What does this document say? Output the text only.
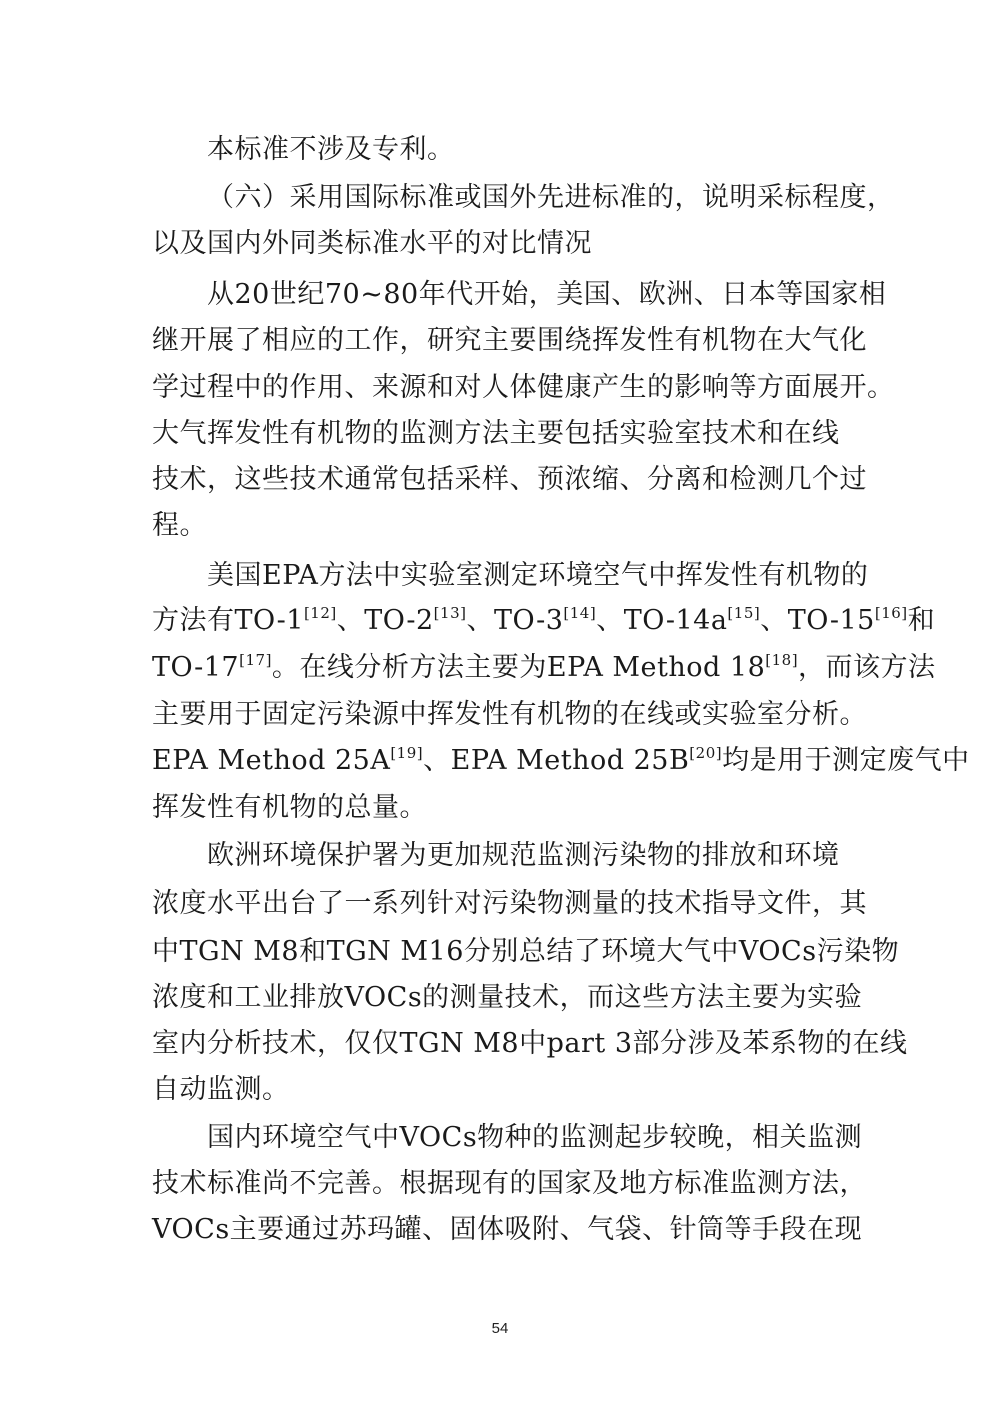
本标准不涉及专利。
（六）采用国际标准或国外先进标准的，说明采标程度，
以及国内外同类标准水平的对比情况
从20世纪70~80年代开始，美国、欧洲、日本等国家相
继开展了相应的工作，研究主要围绕挥发性有机物在大气化
学过程中的作用、来源和对人体健康产生的影响等方面展开。
大气挥发性有机物的监测方法主要包括实验室技术和在线
技术，这些技术通常包括采样、预浓缩、分离和检测几个过
程。
美国EPA方法中实验室测定环境空气中挥发性有机物的
方法有TO-1[12]、TO-2[13]、TO-3[14]、TO-14a[15]、TO-15[16]和
TO-17[17]。在线分析方法主要为EPA Method 18[18]，而该方法
主要用于固定污染源中挥发性有机物的在线或实验室分析。
EPA Method 25A[19]、EPA Method 25B[20]均是用于测定废气中
挥发性有机物的总量。
欧洲环境保护署为更加规范监测污染物的排放和环境
浓度水平出台了一系列针对污染物测量的技术指导文件，其
中TGN M8和TGN M16分别总结了环境大气中VOCs污染物
浓度和工业排放VOCs的测量技术，而这些方法主要为实验
室内分析技术，仅仅TGN M8中part 3部分涉及苯系物的在线
自动监测。
国内环境空气中VOCs物种的监测起步较晚，相关监测
技术标准尚不完善。根据现有的国家及地方标准监测方法，
VOCs主要通过苏玛罐、固体吸附、气袋、针筒等手段在现
54
